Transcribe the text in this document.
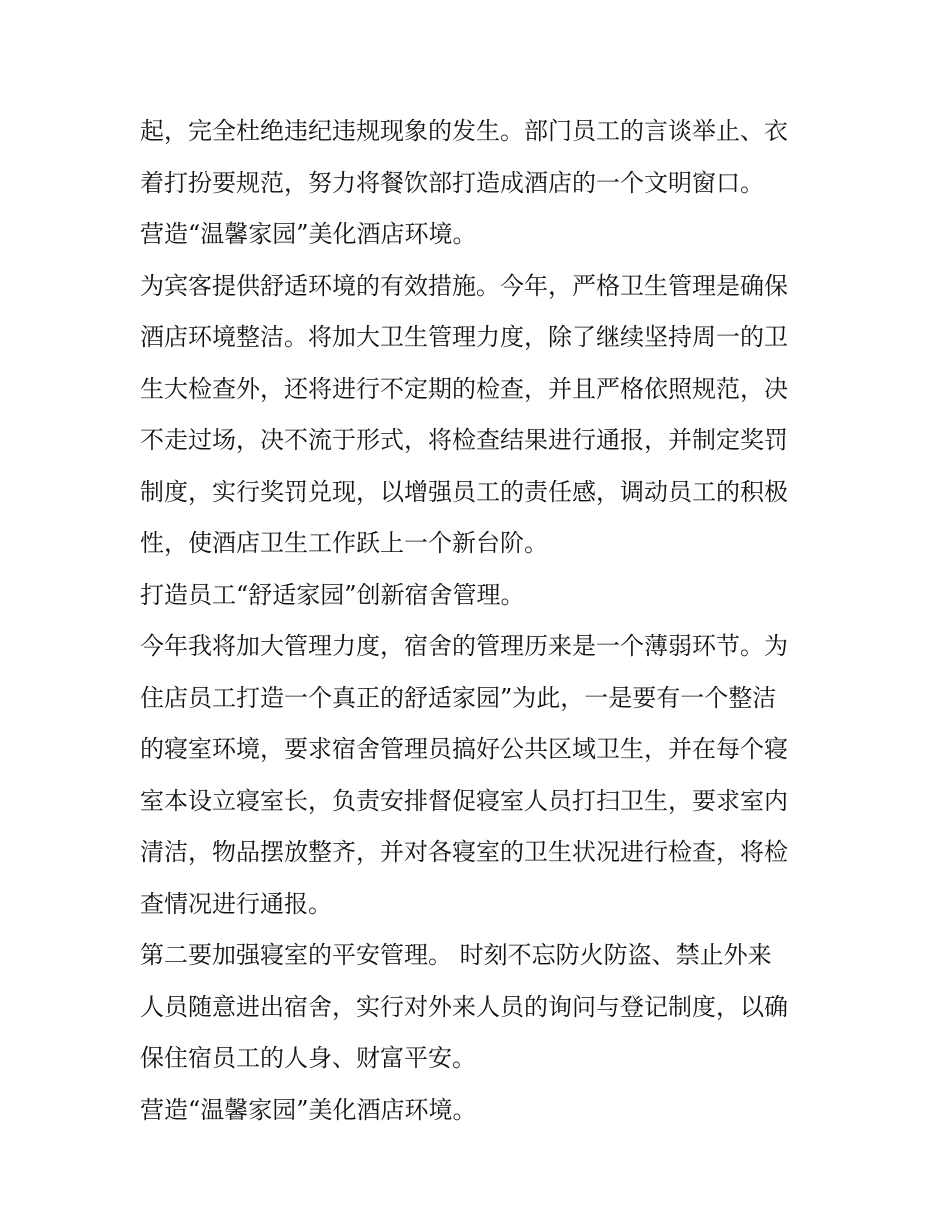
起，完全杜绝违纪违规现象的发生。部门员工的言谈举止、衣
着打扮要规范，努力将餐饮部打造成酒店的一个文明窗口。
营造“温馨家园”美化酒店环境。
为宾客提供舒适环境的有效措施。今年，严格卫生管理是确保
酒店环境整洁。将加大卫生管理力度，除了继续坚持周一的卫
生大检查外，还将进行不定期的检查，并且严格依照规范，决
不走过场，决不流于形式，将检查结果进行通报，并制定奖罚
制度，实行奖罚兑现，以增强员工的责任感，调动员工的积极
性，使酒店卫生工作跃上一个新台阶。
打造员工“舒适家园”创新宿舍管理。
今年我将加大管理力度，宿舍的管理历来是一个薄弱环节。为
住店员工打造一个真正的舒适家园”为此，一是要有一个整洁
的寝室环境，要求宿舍管理员搞好公共区域卫生，并在每个寝
室本设立寝室长，负责安排督促寝室人员打扫卫生，要求室内
清洁，物品摆放整齐，并对各寝室的卫生状况进行检查，将检
查情况进行通报。
第二要加强寝室的平安管理。 时刻不忘防火防盗、禁止外来
人员随意进出宿舍，实行对外来人员的询问与登记制度，以确
保住宿员工的人身、财富平安。
营造“温馨家园”美化酒店环境。
